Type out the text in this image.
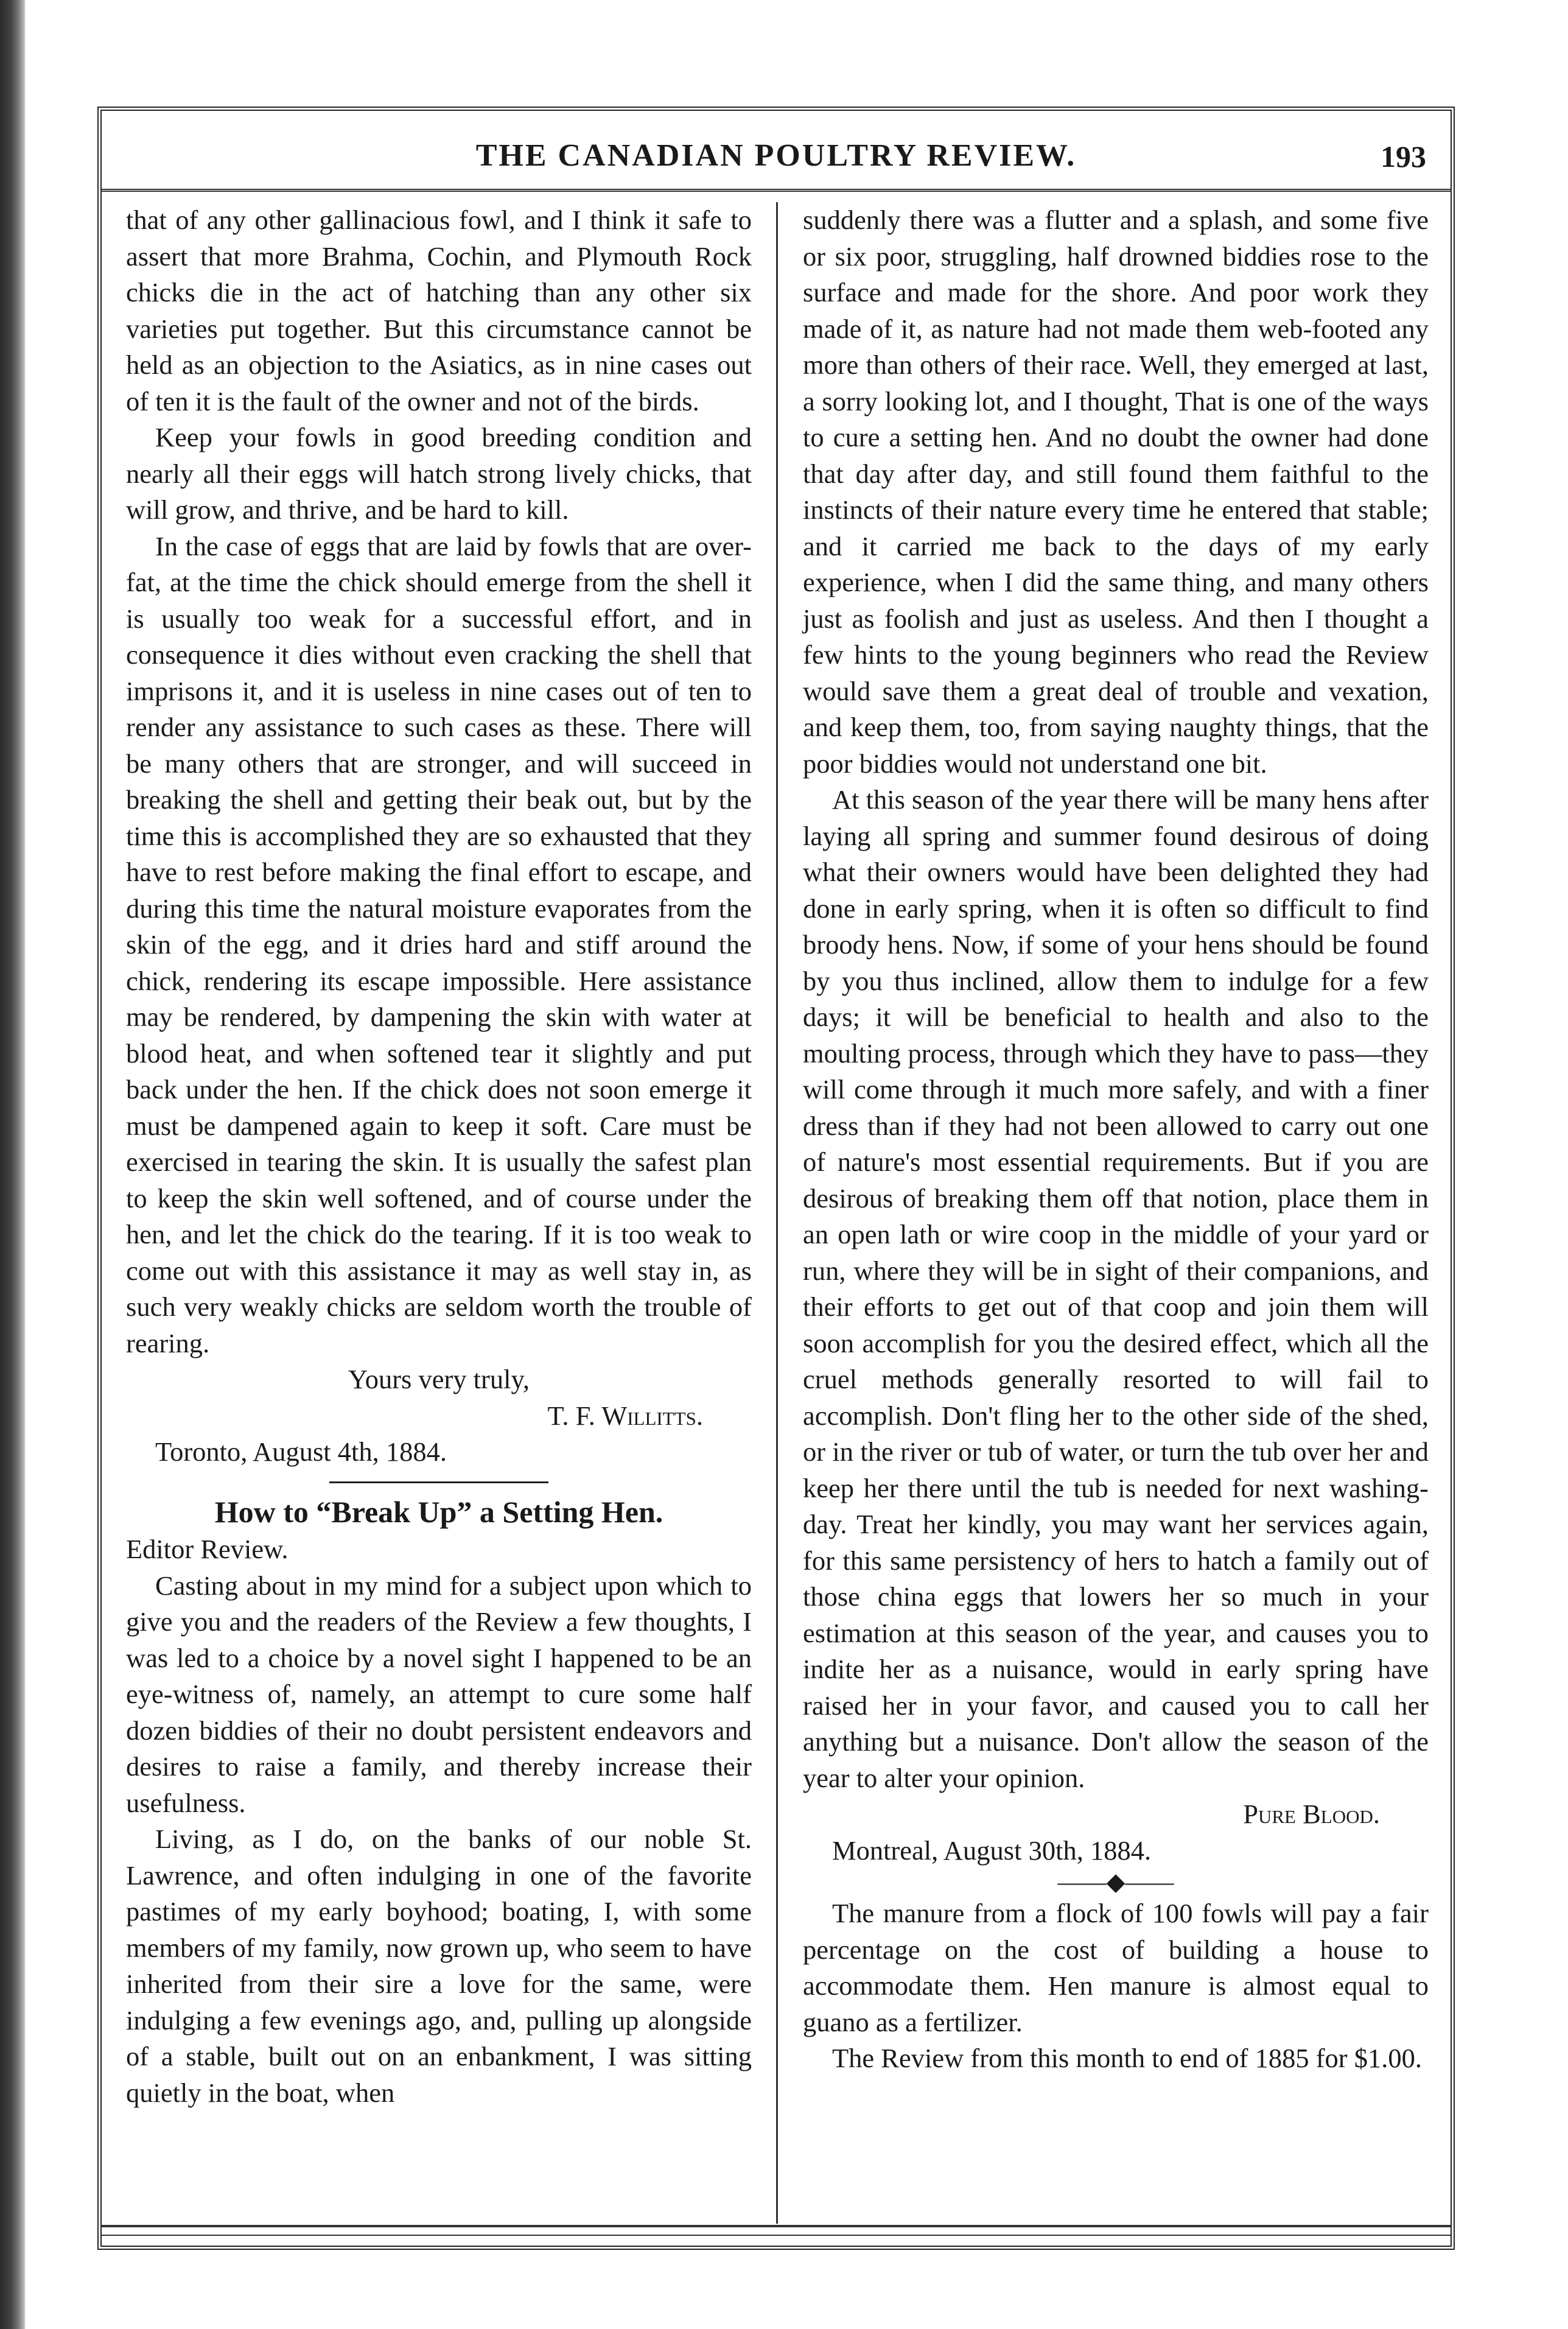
THE CANADIAN POULTRY REVIEW.	193

that of any other gallinacious fowl, and I think it safe to assert that more Brahma, Cochin, and Plymouth Rock chicks die in the act of hatching than any other six varieties put together. But this circumstance cannot be held as an objection to the Asiatics, as in nine cases out of ten it is the fault of the owner and not of the birds.

Keep your fowls in good breeding condition and nearly all their eggs will hatch strong lively chicks, that will grow, and thrive, and be hard to kill.

In the case of eggs that are laid by fowls that are over-fat, at the time the chick should emerge from the shell it is usually too weak for a successful effort, and in consequence it dies without even cracking the shell that imprisons it, and it is useless in nine cases out of ten to render any assistance to such cases as these. There will be many others that are stronger, and will succeed in breaking the shell and getting their beak out, but by the time this is accomplished they are so exhausted that they have to rest before making the final effort to escape, and during this time the natural moisture evaporates from the skin of the egg, and it dries hard and stiff around the chick, rendering its escape impossible. Here assistance may be rendered, by dampening the skin with water at blood heat, and when softened tear it slightly and put back under the hen. If the chick does not soon emerge it must be dampened again to keep it soft. Care must be exercised in tearing the skin. It is usually the safest plan to keep the skin well softened, and of course under the hen, and let the chick do the tearing. If it is too weak to come out with this assistance it may as well stay in, as such very weakly chicks are seldom worth the trouble of rearing.

Yours very truly,

T. F. Willitts.

Toronto, August 4th, 1884.

How to “Break Up” a Setting Hen.

Editor Review.

Casting about in my mind for a subject upon which to give you and the readers of the Review a few thoughts, I was led to a choice by a novel sight I happened to be an eye-witness of, namely, an attempt to cure some half dozen biddies of their no doubt persistent endeavors and desires to raise a family, and thereby increase their usefulness.

Living, as I do, on the banks of our noble St. Lawrence, and often indulging in one of the favorite pastimes of my early boyhood; boating, I, with some members of my family, now grown up, who seem to have inherited from their sire a love for the same, were indulging a few evenings ago, and, pulling up alongside of a stable, built out on an enbankment, I was sitting quietly in the boat, when

suddenly there was a flutter and a splash, and some five or six poor, struggling, half drowned biddies rose to the surface and made for the shore. And poor work they made of it, as nature had not made them web-footed any more than others of their race. Well, they emerged at last, a sorry looking lot, and I thought, That is one of the ways to cure a setting hen. And no doubt the owner had done that day after day, and still found them faithful to the instincts of their nature every time he entered that stable; and it carried me back to the days of my early experience, when I did the same thing, and many others just as foolish and just as useless. And then I thought a few hints to the young beginners who read the Review would save them a great deal of trouble and vexation, and keep them, too, from saying naughty things, that the poor biddies would not understand one bit.

At this season of the year there will be many hens after laying all spring and summer found desirous of doing what their owners would have been delighted they had done in early spring, when it is often so difficult to find broody hens. Now, if some of your hens should be found by you thus inclined, allow them to indulge for a few days; it will be beneficial to health and also to the moulting process, through which they have to pass—they will come through it much more safely, and with a finer dress than if they had not been allowed to carry out one of nature's most essential requirements. But if you are desirous of breaking them off that notion, place them in an open lath or wire coop in the middle of your yard or run, where they will be in sight of their companions, and their efforts to get out of that coop and join them will soon accomplish for you the desired effect, which all the cruel methods generally resorted to will fail to accomplish. Don't fling her to the other side of the shed, or in the river or tub of water, or turn the tub over her and keep her there until the tub is needed for next washing-day. Treat her kindly, you may want her services again, for this same persistency of hers to hatch a family out of those china eggs that lowers her so much in your estimation at this season of the year, and causes you to indite her as a nuisance, would in early spring have raised her in your favor, and caused you to call her anything but a nuisance. Don't allow the season of the year to alter your opinion.

Pure Blood.

Montreal, August 30th, 1884.

——◆——

The manure from a flock of 100 fowls will pay a fair percentage on the cost of building a house to accommodate them. Hen manure is almost equal to guano as a fertilizer.

The Review from this month to end of 1885 for $1.00.
